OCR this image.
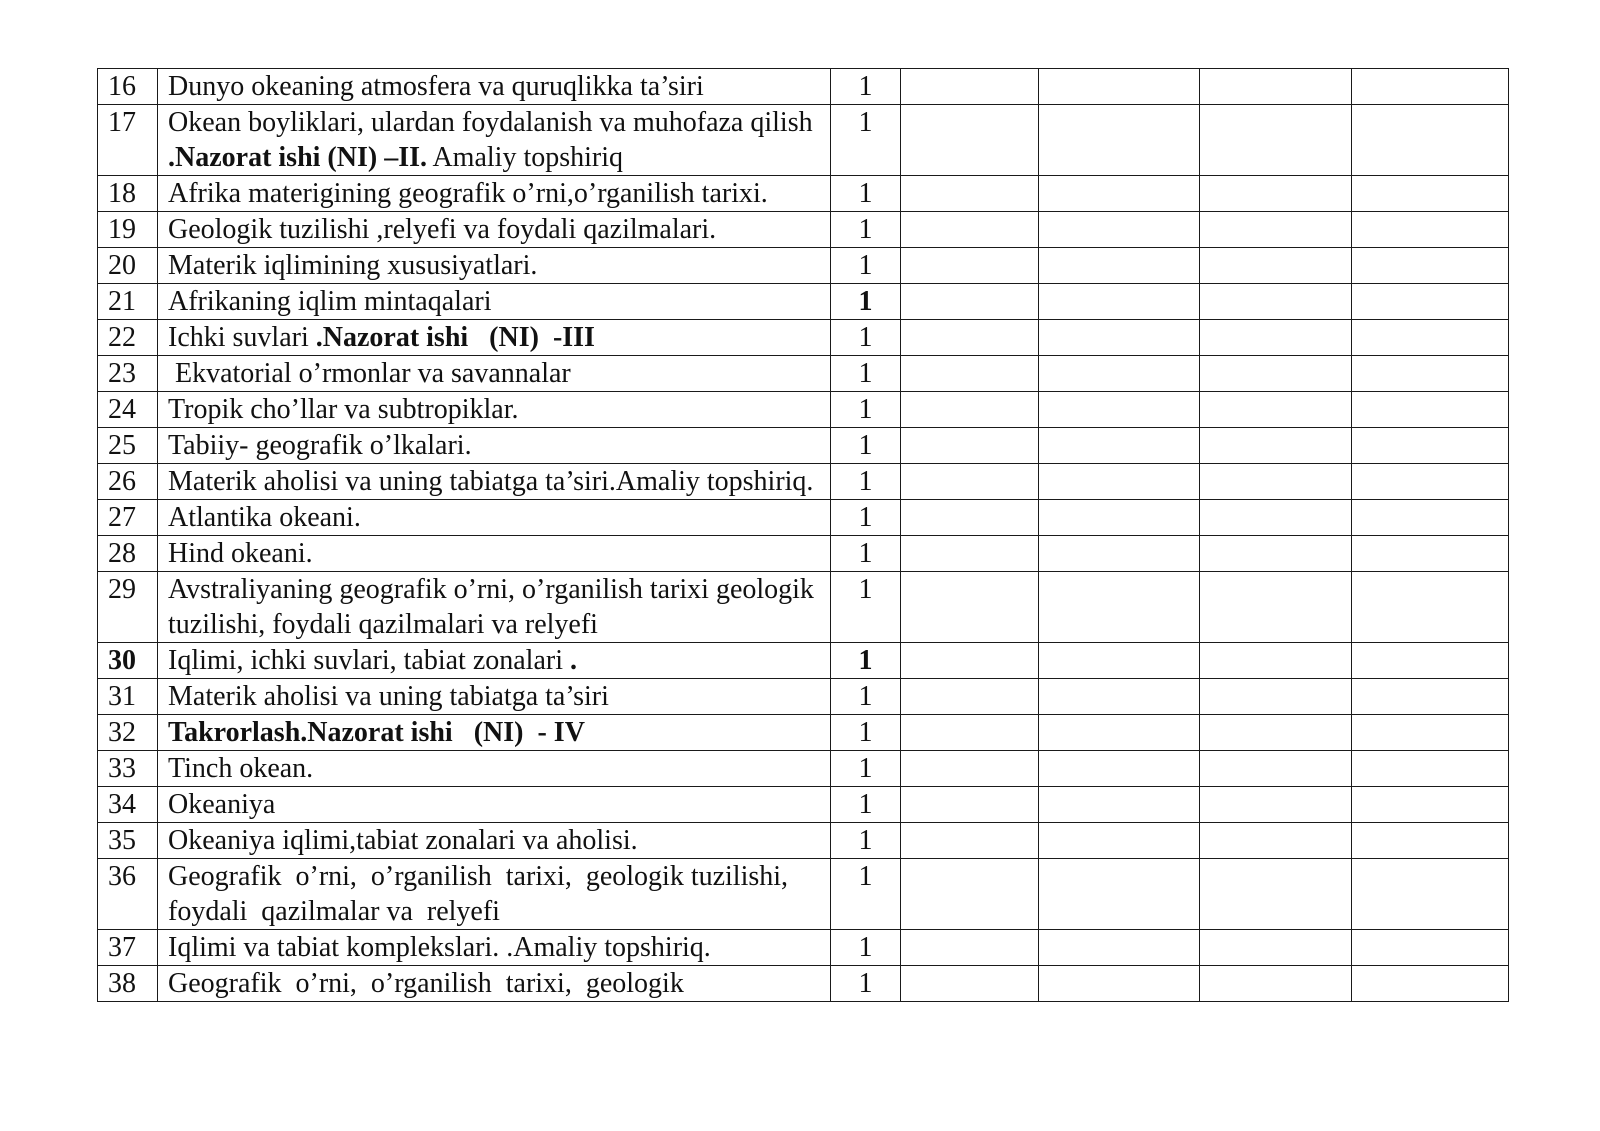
16	Dunyo okeaning atmosfera va quruqlikka ta’siri	1				
17	Okean boyliklari, ulardan foydalanish va muhofaza qilish .Nazorat ishi (NI) –II. Amaliy topshiriq	1				
18	Afrika materigining geografik o’rni,o’rganilish tarixi.	1				
19	Geologik tuzilishi ,relyefi va foydali qazilmalari.	1				
20	Materik iqlimining xususiyatlari.	1				
21	Afrikaning iqlim mintaqalari	1				
22	Ichki suvlari .Nazorat ishi   (NI)  -III	1				
23	Ekvatorial o’rmonlar va savannalar	1				
24	Tropik cho’llar va subtropiklar.	1				
25	Tabiiy- geografik o’lkalari.	1				
26	Materik aholisi va uning tabiatga ta’siri.Amaliy topshiriq.	1				
27	Atlantika okeani.	1				
28	Hind okeani.	1				
29	Avstraliyaning geografik o’rni, o’rganilish tarixi geologik tuzilishi, foydali qazilmalari va relyefi	1				
30	Iqlimi, ichki suvlari, tabiat zonalari .	1				
31	Materik aholisi va uning tabiatga ta’siri	1				
32	Takrorlash.Nazorat ishi   (NI)  - IV	1				
33	Tinch okean.	1				
34	Okeaniya	1				
35	Okeaniya iqlimi,tabiat zonalari va aholisi.	1				
36	Geografik  o’rni,  o’rganilish  tarixi,  geologik tuzilishi,  foydali  qazilmalar va  relyefi	1				
37	Iqlimi va tabiat komplekslari. .Amaliy topshiriq.	1				
38	Geografik  o’rni,  o’rganilish  tarixi,  geologik	1				
